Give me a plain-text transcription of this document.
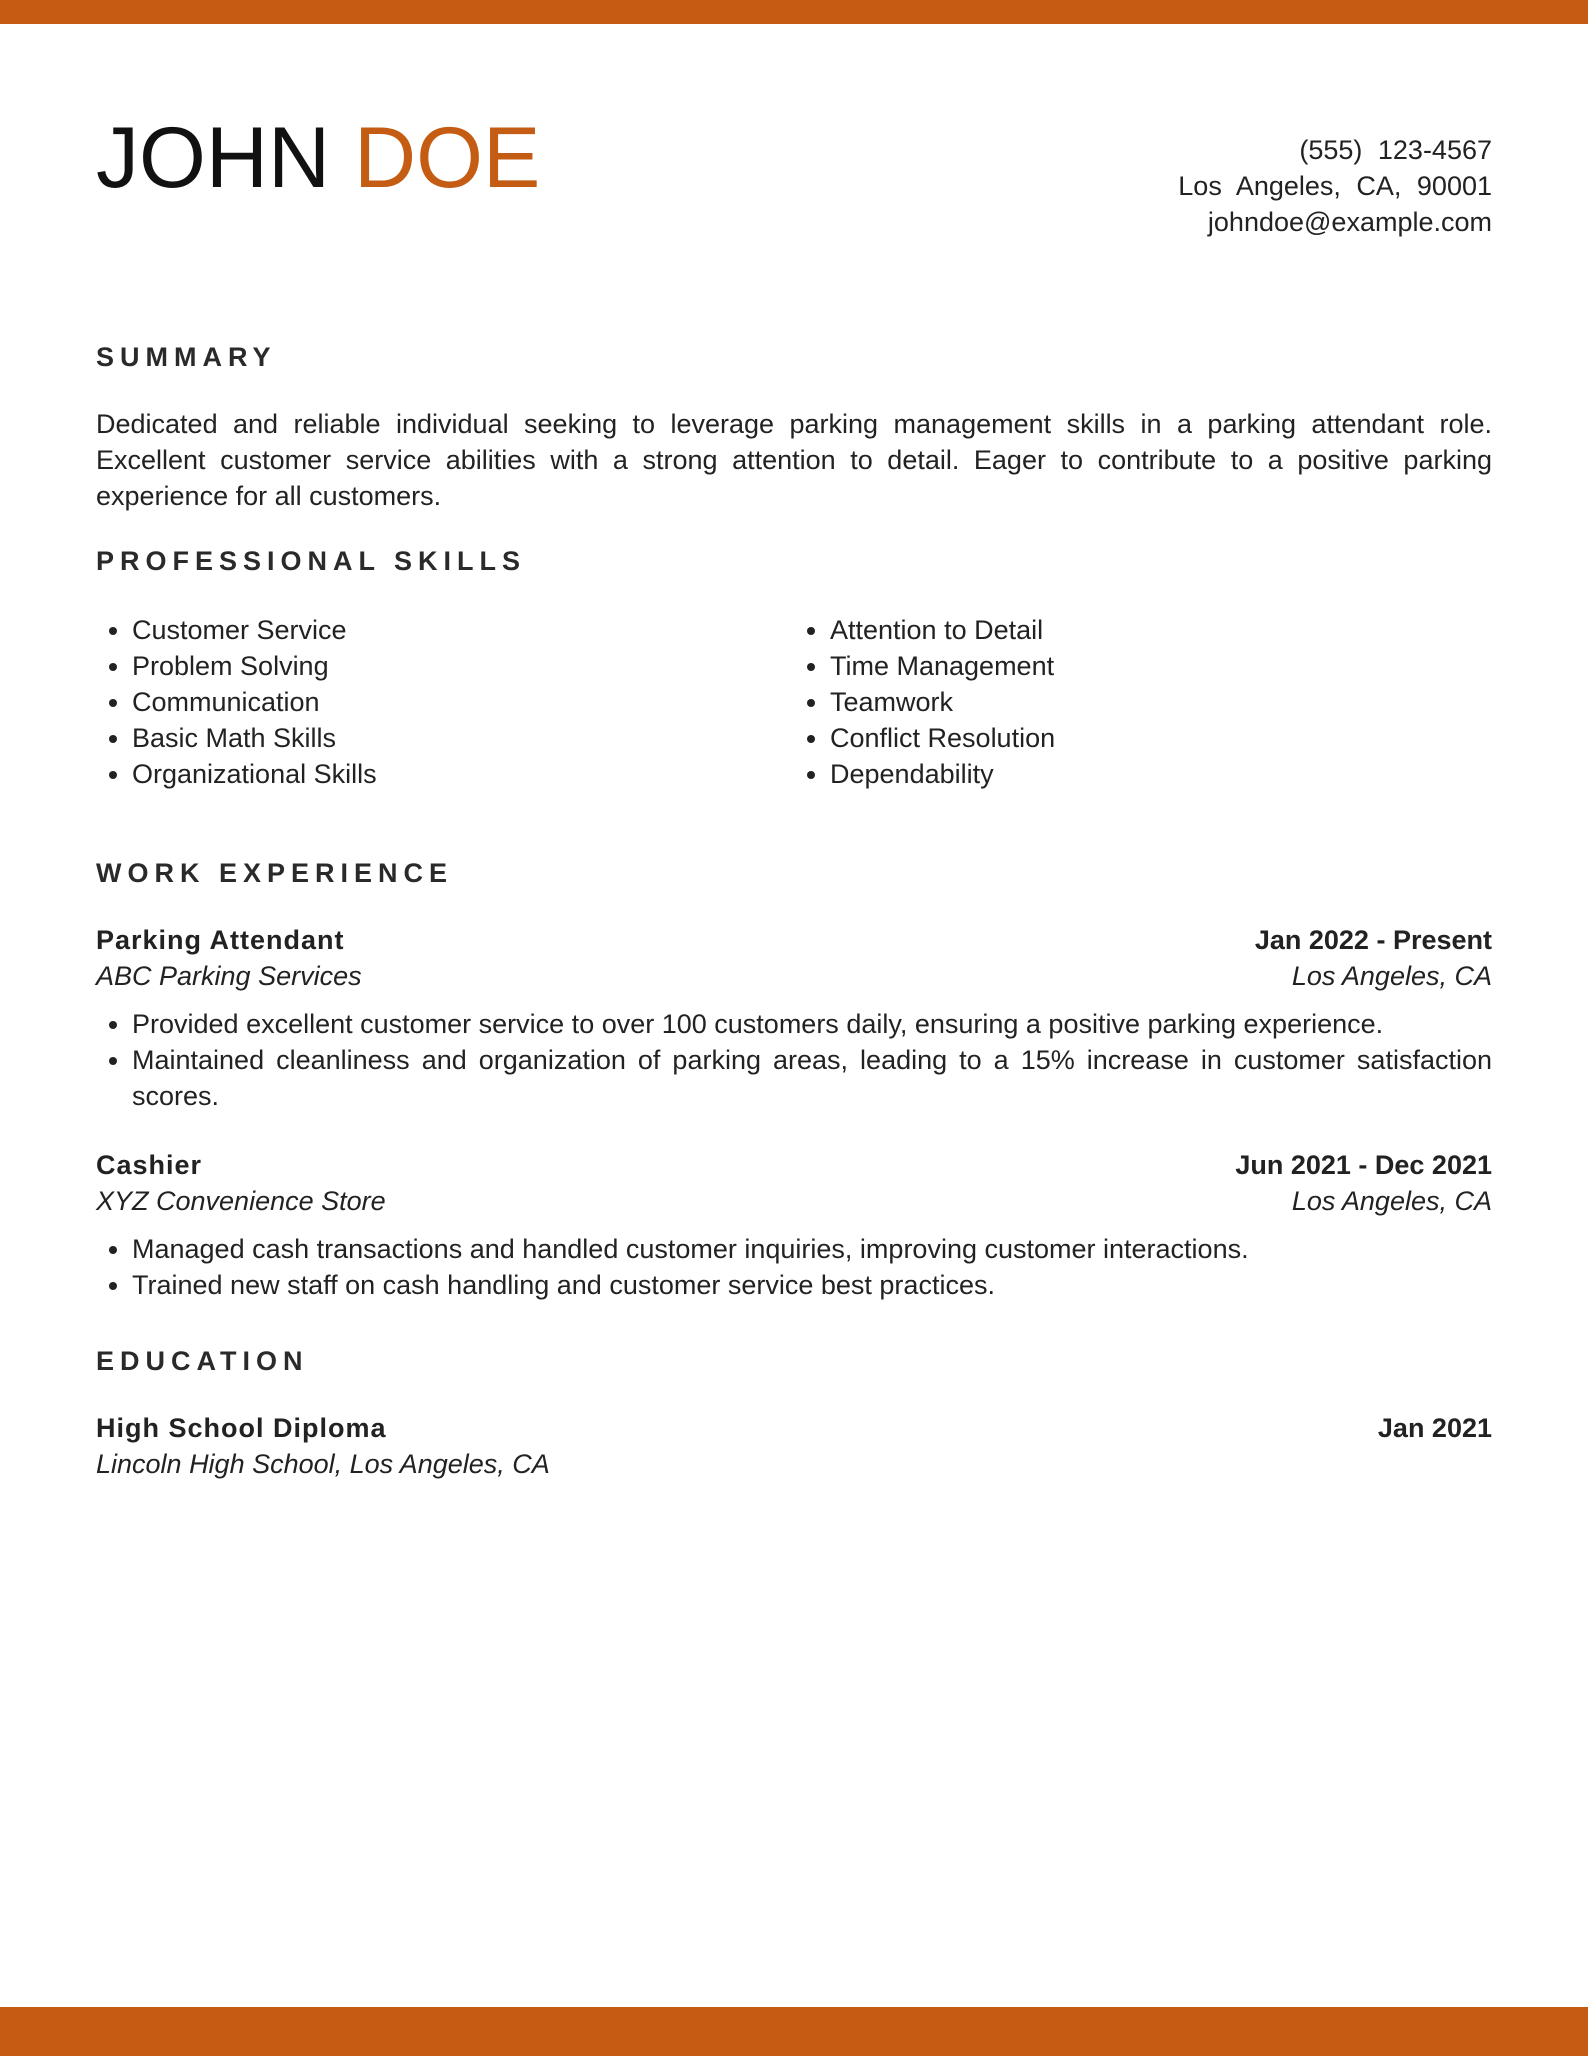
JOHN DOE	(555) 123-4567
Los Angeles, CA, 90001
johndoe@example.com
SUMMARY

Dedicated and reliable individual seeking to leverage parking management skills in a parking attendant role. Excellent customer service abilities with a strong attention to detail. Eager to contribute to a positive parking experience for all customers.

PROFESSIONAL SKILLS
• Customer Service
• Problem Solving
• Communication
• Basic Math Skills
• Organizational Skills
• Attention to Detail
• Time Management
• Teamwork
• Conflict Resolution
• Dependability
WORK EXPERIENCE
Parking Attendant	Jan 2022 - Present
ABC Parking Services	Los Angeles, CA
• Provided excellent customer service to over 100 customers daily, ensuring a positive parking experience.
• Maintained cleanliness and organization of parking areas, leading to a 15% increase in customer satisfaction scores.
Cashier	Jun 2021 - Dec 2021
XYZ Convenience Store	Los Angeles, CA
• Managed cash transactions and handled customer inquiries, improving customer interactions.
• Trained new staff on cash handling and customer service best practices.
EDUCATION
High School Diploma	Jan 2021
Lincoln High School, Los Angeles, CA
